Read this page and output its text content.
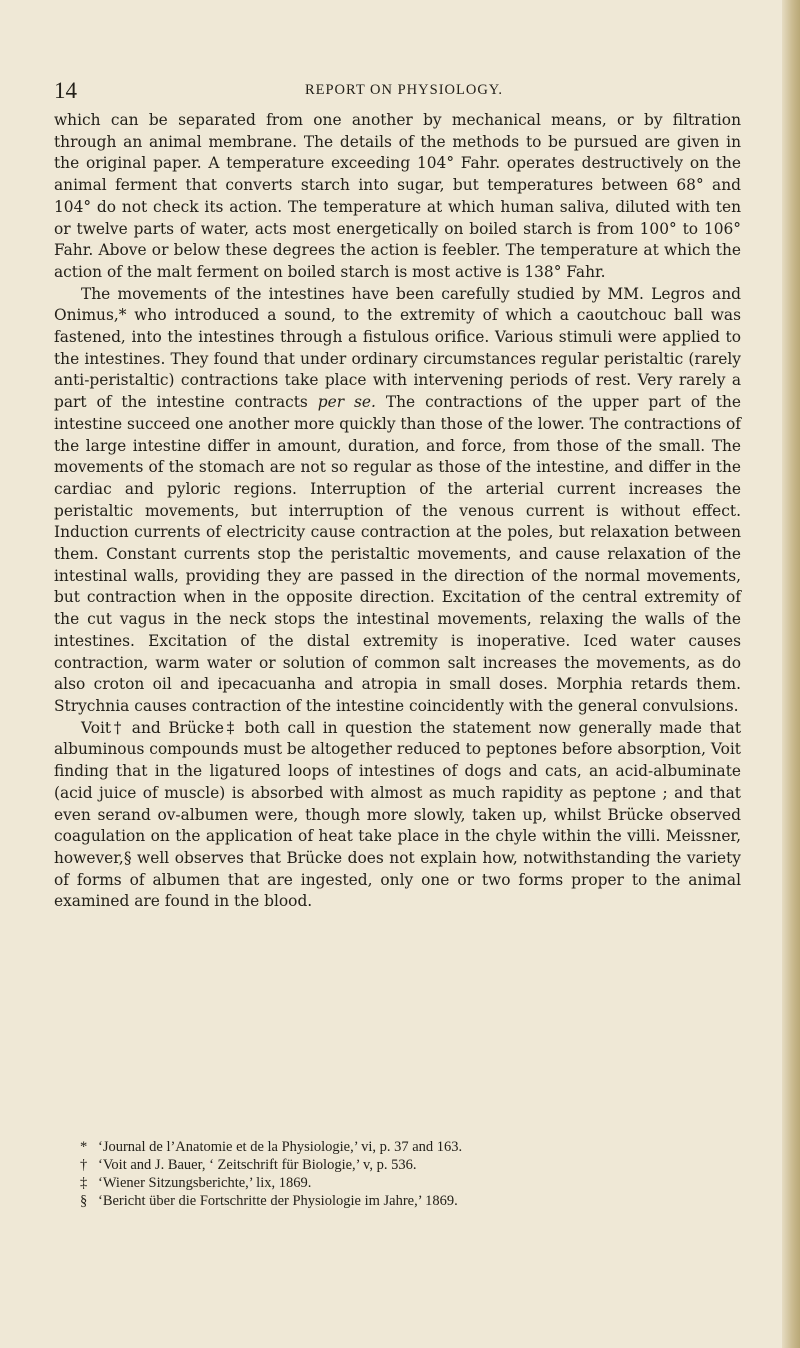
14	REPORT ON PHYSIOLOGY.

which can be separated from one another by mechanical means, or by filtration through an animal membrane. The details of the methods to be pursued are given in the original paper. A temperature exceeding 104° Fahr. operates destructively on the animal ferment that converts starch into sugar, but temperatures between 68° and 104° do not check its action. The temperature at which human saliva, diluted with ten or twelve parts of water, acts most energetically on boiled starch is from 100° to 106° Fahr. Above or below these degrees the action is feebler. The temperature at which the action of the malt ferment on boiled starch is most active is 138° Fahr.

The movements of the intestines have been carefully studied by MM. Legros and Onimus,* who introduced a sound, to the extremity of which a caoutchouc ball was fastened, into the intestines through a fistulous orifice. Various stimuli were applied to the intestines. They found that under ordinary circumstances regular peristaltic (rarely anti-peristaltic) contractions take place with intervening periods of rest. Very rarely a part of the intestine contracts per se. The contractions of the upper part of the intestine succeed one another more quickly than those of the lower. The contractions of the large intestine differ in amount, duration, and force, from those of the small. The movements of the stomach are not so regular as those of the intestine, and differ in the cardiac and pyloric regions. Interruption of the arterial current increases the peristaltic movements, but interruption of the venous current is without effect. Induction currents of electricity cause contraction at the poles, but relaxation between them. Constant currents stop the peristaltic movements, and cause relaxation of the intestinal walls, providing they are passed in the direction of the normal movements, but contraction when in the opposite direction. Excitation of the central extremity of the cut vagus in the neck stops the intestinal movements, relaxing the walls of the intestines. Excitation of the distal extremity is inoperative. Iced water causes contraction, warm water or solution of common salt increases the movements, as do also croton oil and ipecacuanha and atropia in small doses. Morphia retards them. Strychnia causes contraction of the intestine coincidently with the general convulsions.

Voit† and Brücke‡ both call in question the statement now generally made that albuminous compounds must be altogether reduced to peptones before absorption, Voit finding that in the ligatured loops of intestines of dogs and cats, an acid-albuminate (acid juice of muscle) is absorbed with almost as much rapidity as peptone ; and that even serand ov-albumen were, though more slowly, taken up, whilst Brücke observed coagulation on the application of heat take place in the chyle within the villi. Meissner, however,§ well observes that Brücke does not explain how, notwithstanding the variety of forms of albumen that are ingested, only one or two forms proper to the animal examined are found in the blood.

* ‘Journal de l’Anatomie et de la Physiologie,’ vi, p. 37 and 163.
† ‘Voit and J. Bauer, ‘ Zeitschrift für Biologie,’ v, p. 536.
‡ ‘Wiener Sitzungsberichte,’ lix, 1869.
§ ‘Bericht über die Fortschritte der Physiologie im Jahre,’ 1869.
